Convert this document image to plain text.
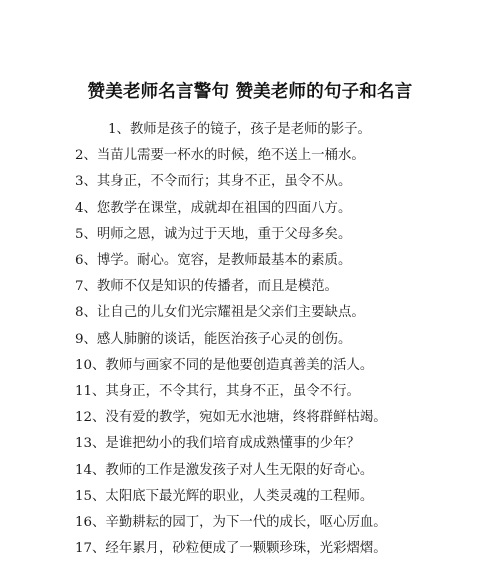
赞美老师名言警句 赞美老师的句子和名言
1、教师是孩子的镜子，孩子是老师的影子。
2、当苗儿需要一杯水的时候，绝不送上一桶水。
3、其身正，不令而行；其身不正，虽令不从。
4、您教学在课堂，成就却在祖国的四面八方。
5、明师之恩，诚为过于天地，重于父母多矣。
6、博学。耐心。宽容，是教师最基本的素质。
7、教师不仅是知识的传播者，而且是模范。
8、让自己的儿女们光宗耀祖是父亲们主要缺点。
9、感人肺腑的谈话，能医治孩子心灵的创伤。
10、教师与画家不同的是他要创造真善美的活人。
11、其身正，不令其行，其身不正，虽令不行。
12、没有爱的教学，宛如无水池塘，终将群鲜枯竭。
13、是谁把幼小的我们培育成成熟懂事的少年？
14、教师的工作是激发孩子对人生无限的好奇心。
15、太阳底下最光辉的职业，人类灵魂的工程师。
16、辛勤耕耘的园丁，为下一代的成长，呕心厉血。
17、经年累月，砂粒便成了一颗颗珍珠，光彩熠熠。
